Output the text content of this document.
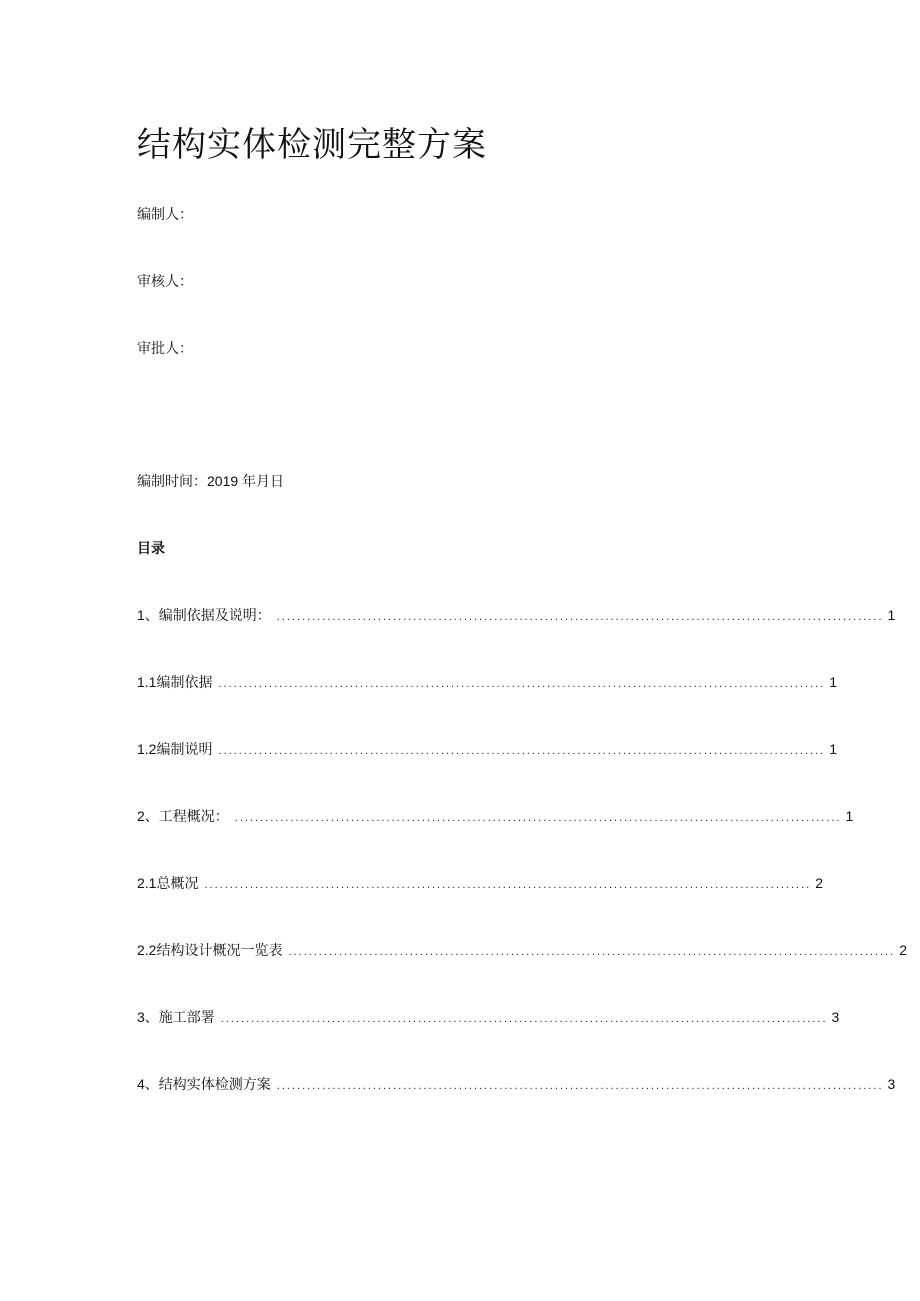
结构实体检测完整方案
编制人：
审核人：
审批人：
编制时间：2019 年月日
目录
1、编制依据及说明： ........................................................................................................................ 1
1.1 编制依据 ........................................................................................................................ 1
1.2 编制说明 ........................................................................................................................ 1
2、工程概况： ........................................................................................................................ 1
2.1 总概况 ........................................................................................................................ 2
2.2 结构设计概况一览表 ........................................................................................................................ 2
3、施工部署 ........................................................................................................................ 3
4、结构实体检测方案 ........................................................................................................................ 3
